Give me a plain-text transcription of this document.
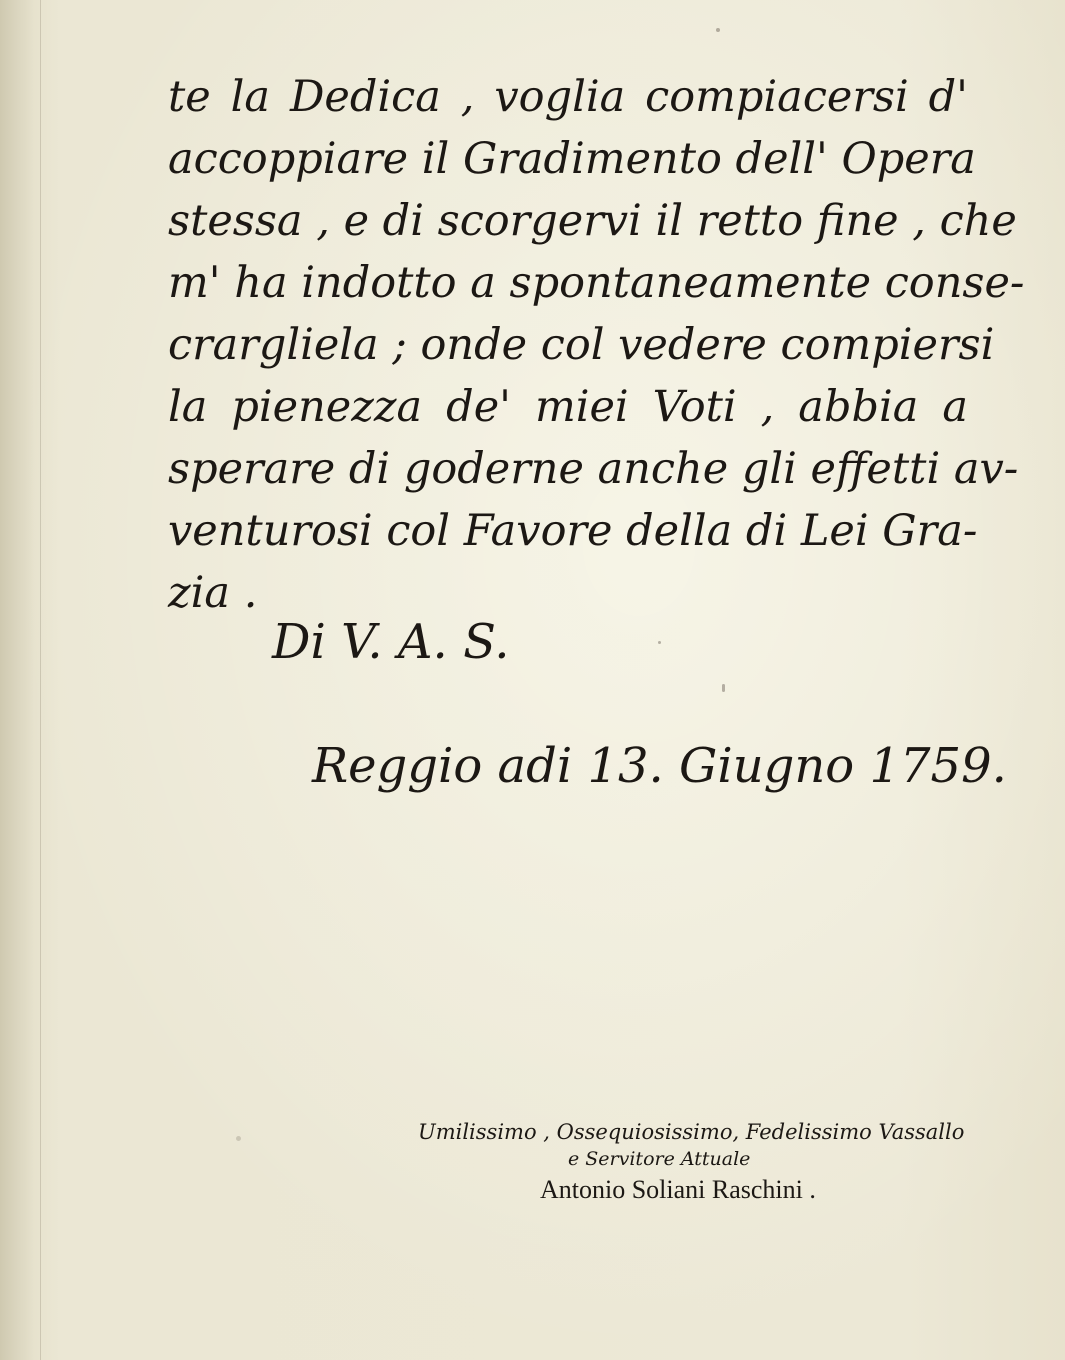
te la Dedica , voglia compiacersi d'
accoppiare il Gradimento dell' Opera
stessa , e di scorgervi il retto fine , che
m' ha indotto a spontaneamente conse-
crargliela ; onde col vedere compiersi
la pienezza de' miei Voti , abbia a
sperare di goderne anche gli effetti av-
venturosi col Favore della di Lei Gra-
zia .
Di V. A. S.
Reggio adi 13. Giugno 1759.
Umilissimo , Ossequiosissimo, Fedelissimo Vassallo
e Servitore Attuale
Antonio Soliani Raschini .
